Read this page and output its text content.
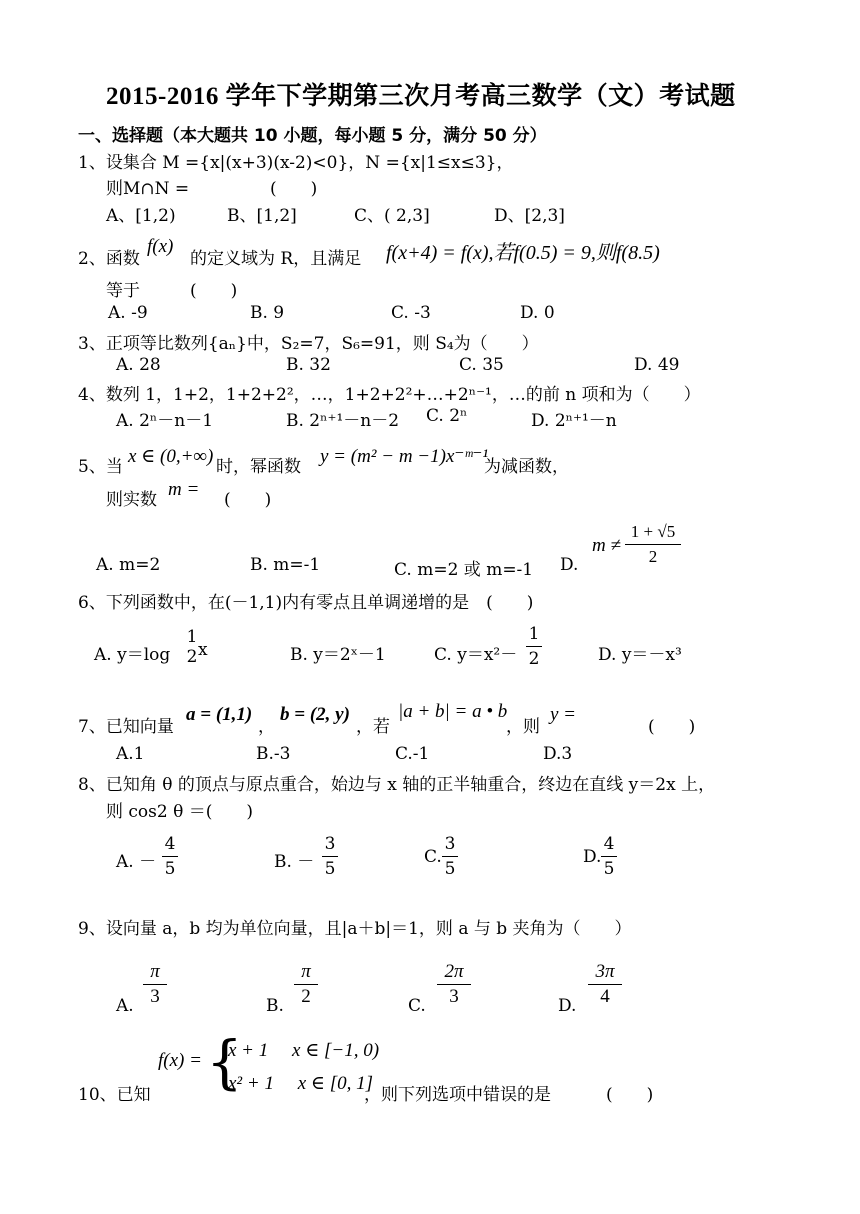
2015-2016 学年下学期第三次月考高三数学（文）考试题
一、选择题（本大题共 10 小题，每小题 5 分，满分 50 分）
1、设集合 M ={x|(x+3)(x-2)<0}，N ={x|1≤x≤3}，
则M∩N =	(　　)
A、[1,2)	B、[1,2]	C、( 2,3]	D、[2,3]
2、函数
f(x)
的定义域为 R，且满足 f(x+4) = f(x),若f(0.5) = 9,则f(8.5)
等于	(　　)
A. -9	B. 9	C. -3	D. 0
3、正项等比数列{aₙ}中，S₂=7，S₆=91，则 S₄为（　　）
A. 28	B. 32	C. 35	D. 49
4、数列 1，1+2，1+2+2²，…，1+2+2²+…+2ⁿ⁻¹，…的前 n 项和为（　　）
A. 2ⁿ－n－1	B. 2ⁿ⁺¹－n－2 C. 2ⁿ	D. 2ⁿ⁺¹－n
5、当 x ∈ (0,+∞) 时，幂函数 y = (m² − m −1)x⁻ᵐ⁻¹
为减函数，
则实数 m = (　　)
A. m=2	B. m=-1	C. m=2 或 m=-1 D.
m ≠
1 + √5
2
6、下列函数中，在(－1,1)内有零点且单调递增的是　(　　)
A. y＝log
1
2 x	B. y＝2ˣ－1	C. y＝x²－
1
2	D. y＝－x³
7、已知向量
a = (1,1)
，
b = (2, y)
，若
|a + b| = a • b
，则
y =
(　　)
A.1	B.-3	C.-1	D.3
8、已知角 θ 的顶点与原点重合，始边与 x 轴的正半轴重合，终边在直线 y＝2x 上，
则 cos2 θ ＝(　　)
A. －
4
5	B. －
3
5
C.
3
5
D.
4
5
9、设向量 a，b 均为单位向量，且|a＋b|＝1，则 a 与 b 夹角为（　　）
A.
π
3	B.
π
2	C.
2π
3	D.
3π
4
10、已知
f(x) = {
x + 1　 x ∈ [−1, 0)
x² + 1　 x ∈ [0, 1]
，则下列选项中错误的是	(　　)
